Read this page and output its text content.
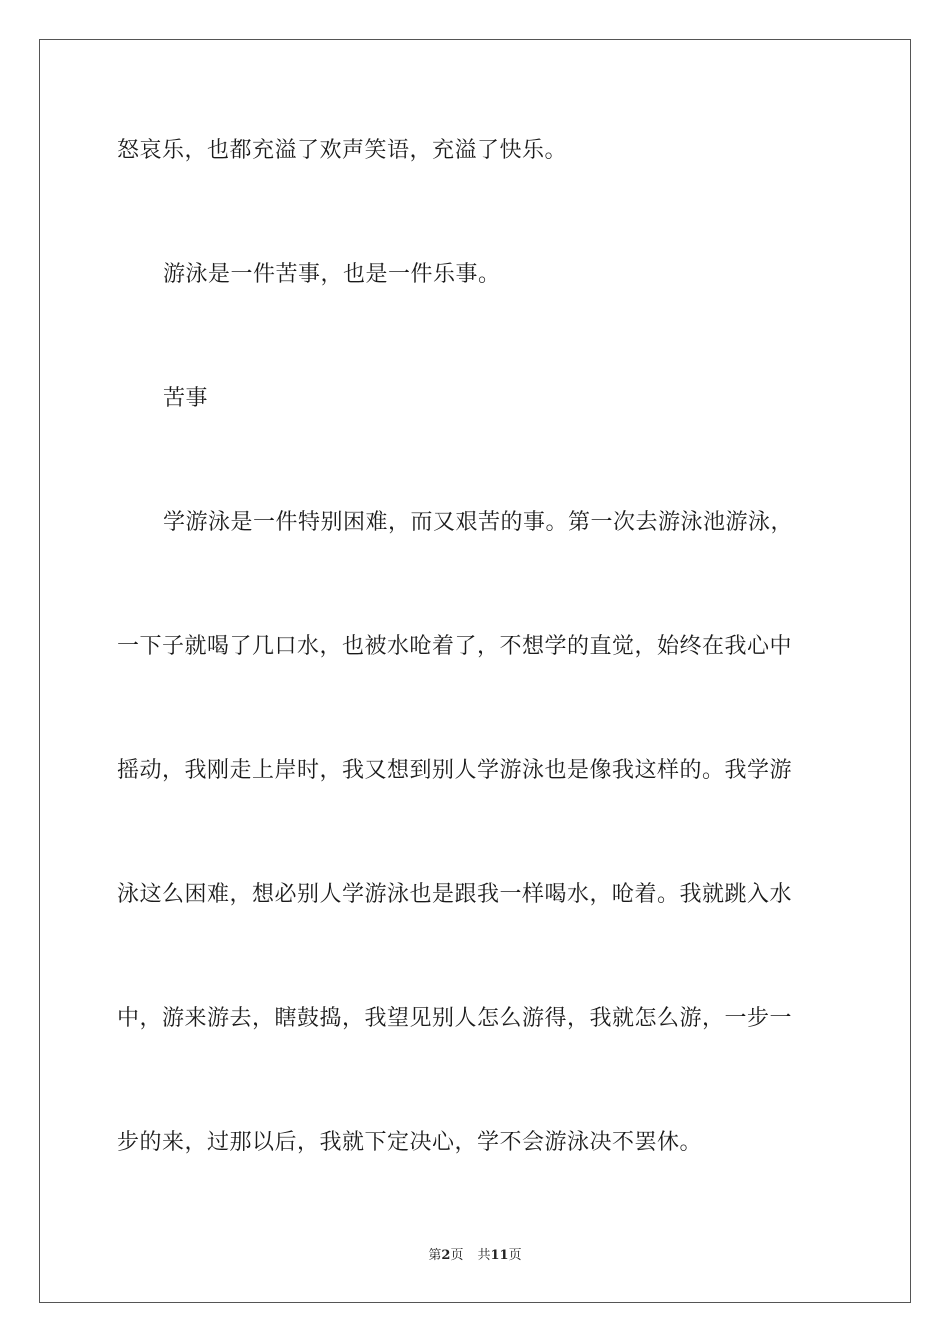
怒哀乐，也都充溢了欢声笑语，充溢了快乐。
游泳是一件苦事，也是一件乐事。
苦事
学游泳是一件特别困难，而又艰苦的事。第一次去游泳池游泳，
一下子就喝了几口水，也被水呛着了，不想学的直觉，始终在我心中
摇动，我刚走上岸时，我又想到别人学游泳也是像我这样的。我学游
泳这么困难，想必别人学游泳也是跟我一样喝水，呛着。我就跳入水
中，游来游去，瞎鼓捣，我望见别人怎么游得，我就怎么游，一步一
步的来，过那以后，我就下定决心，学不会游泳决不罢休。
第2页 共11页
